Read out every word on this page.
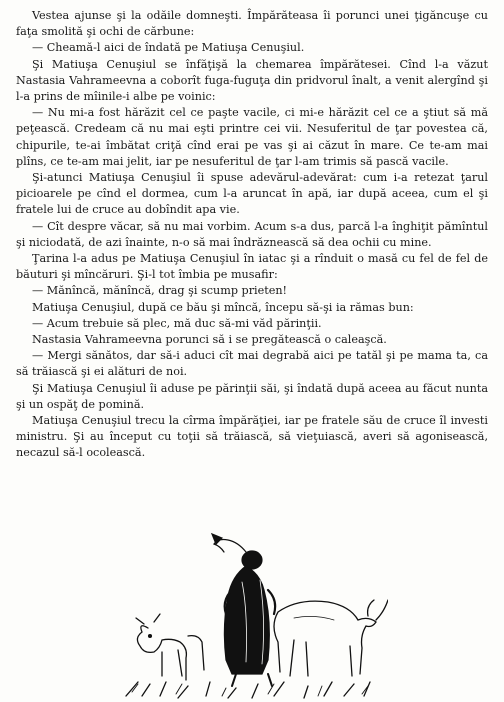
Vestea ajunse şi la odăile domneşti. Împărăteasa îi porunci unei ţigăncuşe cu faţa smolită şi ochi de cărbune:

— Cheamă-l aici de îndată pe Matiuşa Cenuşiul.

Şi Matiuşa Cenuşiul se înfăţişă la chemarea împărătesei. Cînd l-a văzut Nastasia Vahrameevna a coborît fuga-fuguţa din pridvorul înalt, a venit alergînd şi l-a prins de mîinile-i albe pe voinic:

— Nu mi-a fost hărăzit cel ce paşte vacile, ci mi-e hărăzit cel ce a ştiut să mă peţească. Credeam că nu mai eşti printre cei vii. Nesuferitul de ţar povestea că, chipurile, te-ai îmbătat criţă cînd erai pe vas şi ai căzut în mare. Ce te-am mai plîns, ce te-am mai jelit, iar pe nesuferitul de ţar l-am trimis să pască vacile.

Şi-atunci Matiuşa Cenuşiul îi spuse adevărul-adevărat: cum i-a retezat ţarul picioarele pe cînd el dormea, cum l-a aruncat în apă, iar după aceea, cum el şi fratele lui de cruce au dobîndit apa vie.

— Cît despre văcar, să nu mai vorbim. Acum s-a dus, parcă l-a înghiţit pămîntul şi niciodată, de azi înainte, n-o să mai îndrăznească să dea ochii cu mine.

Ţarina l-a adus pe Matiuşa Cenuşiul în iatac şi a rînduit o masă cu fel de fel de băuturi şi mîncăruri. Şi-l tot îmbia pe musafir:

— Mănîncă, mănîncă, drag şi scump prieten!

Matiuşa Cenuşiul, după ce bău şi mîncă, începu să-şi ia rămas bun:

— Acum trebuie să plec, mă duc să-mi văd părinţii.

Nastasia Vahrameevna porunci să i se pregătească o caleaşcă.

— Mergi sănătos, dar să-i aduci cît mai degrabă aici pe tatăl şi pe mama ta, ca să trăiască şi ei alături de noi.

Şi Matiuşa Cenuşiul îi aduse pe părinţii săi, şi îndată după aceea au făcut nunta şi un ospăţ de pomină.

Matiuşa Cenuşiul trecu la cîrma împărăţiei, iar pe fratele său de cruce îl investi ministru. Şi au început cu toţii să trăiască, să vieţuiască, averi să agonisească, necazul să-l ocolească.
